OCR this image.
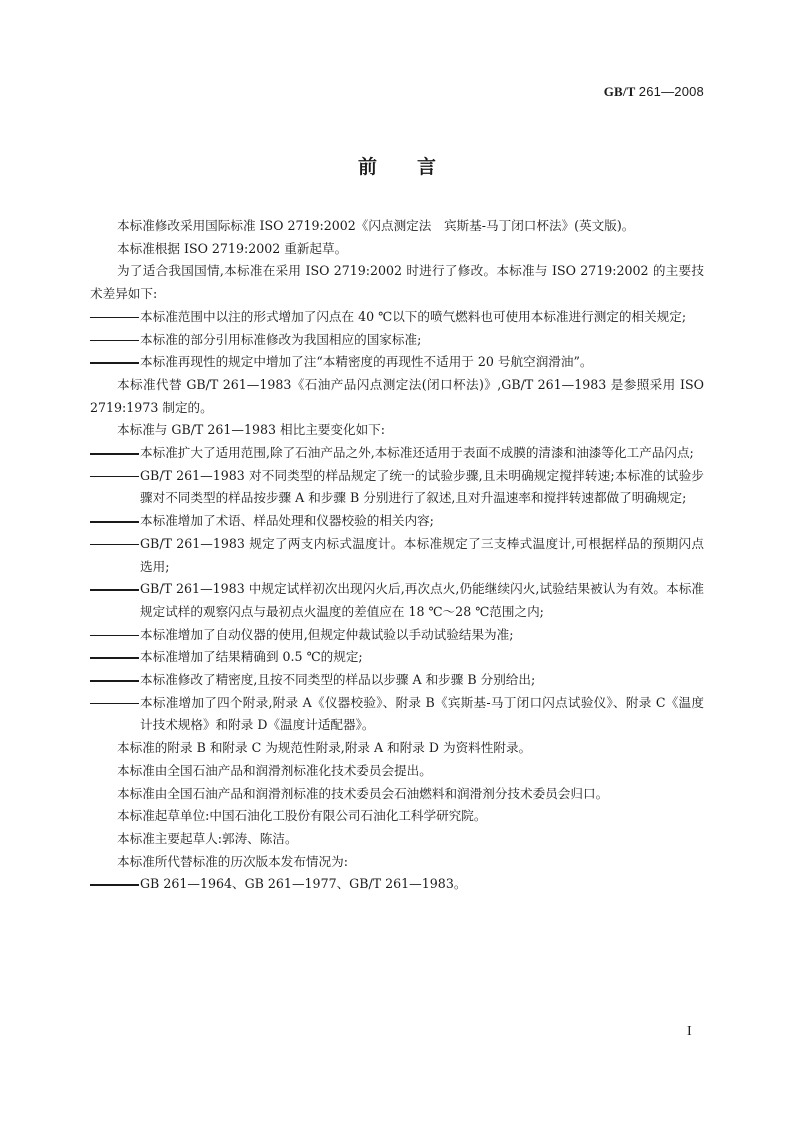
GB/T 261—2008
前言

本标准修改采用国际标准 ISO 2719:2002《闪点测定法　宾斯基-马丁闭口杯法》(英文版)。

本标准根据 ISO 2719:2002 重新起草。

为了适合我国国情,本标准在采用 ISO 2719:2002 时进行了修改。本标准与 ISO 2719:2002 的主要技术差异如下:

本标准范围中以注的形式增加了闪点在 40 ℃以下的喷气燃料也可使用本标准进行测定的相关规定;

本标准的部分引用标准修改为我国相应的国家标准;

本标准再现性的规定中增加了注“本精密度的再现性不适用于 20 号航空润滑油”。

本标准代替 GB/T 261—1983《石油产品闪点测定法(闭口杯法)》,GB/T 261—1983 是参照采用 ISO 2719:1973 制定的。

本标准与 GB/T 261—1983 相比主要变化如下:

本标准扩大了适用范围,除了石油产品之外,本标准还适用于表面不成膜的清漆和油漆等化工产品闪点;

GB/T 261—1983 对不同类型的样品规定了统一的试验步骤,且未明确规定搅拌转速;本标准的试验步骤对不同类型的样品按步骤 A 和步骤 B 分别进行了叙述,且对升温速率和搅拌转速都做了明确规定;

本标准增加了术语、样品处理和仪器校验的相关内容;

GB/T 261—1983 规定了两支内标式温度计。本标准规定了三支棒式温度计,可根据样品的预期闪点选用;

GB/T 261—1983 中规定试样初次出现闪火后,再次点火,仍能继续闪火,试验结果被认为有效。本标准规定试样的观察闪点与最初点火温度的差值应在 18 ℃～28 ℃范围之内;

本标准增加了自动仪器的使用,但规定仲裁试验以手动试验结果为准;

本标准增加了结果精确到 0.5 ℃的规定;

本标准修改了精密度,且按不同类型的样品以步骤 A 和步骤 B 分别给出;

本标准增加了四个附录,附录 A《仪器校验》、附录 B《宾斯基-马丁闭口闪点试验仪》、附录 C《温度计技术规格》和附录 D《温度计适配器》。

本标准的附录 B 和附录 C 为规范性附录,附录 A 和附录 D 为资料性附录。

本标准由全国石油产品和润滑剂标准化技术委员会提出。

本标准由全国石油产品和润滑剂标准的技术委员会石油燃料和润滑剂分技术委员会归口。

本标准起草单位:中国石油化工股份有限公司石油化工科学研究院。

本标准主要起草人:郭涛、陈洁。

本标准所代替标准的历次版本发布情况为:

GB 261—1964、GB 261—1977、GB/T 261—1983。

I
